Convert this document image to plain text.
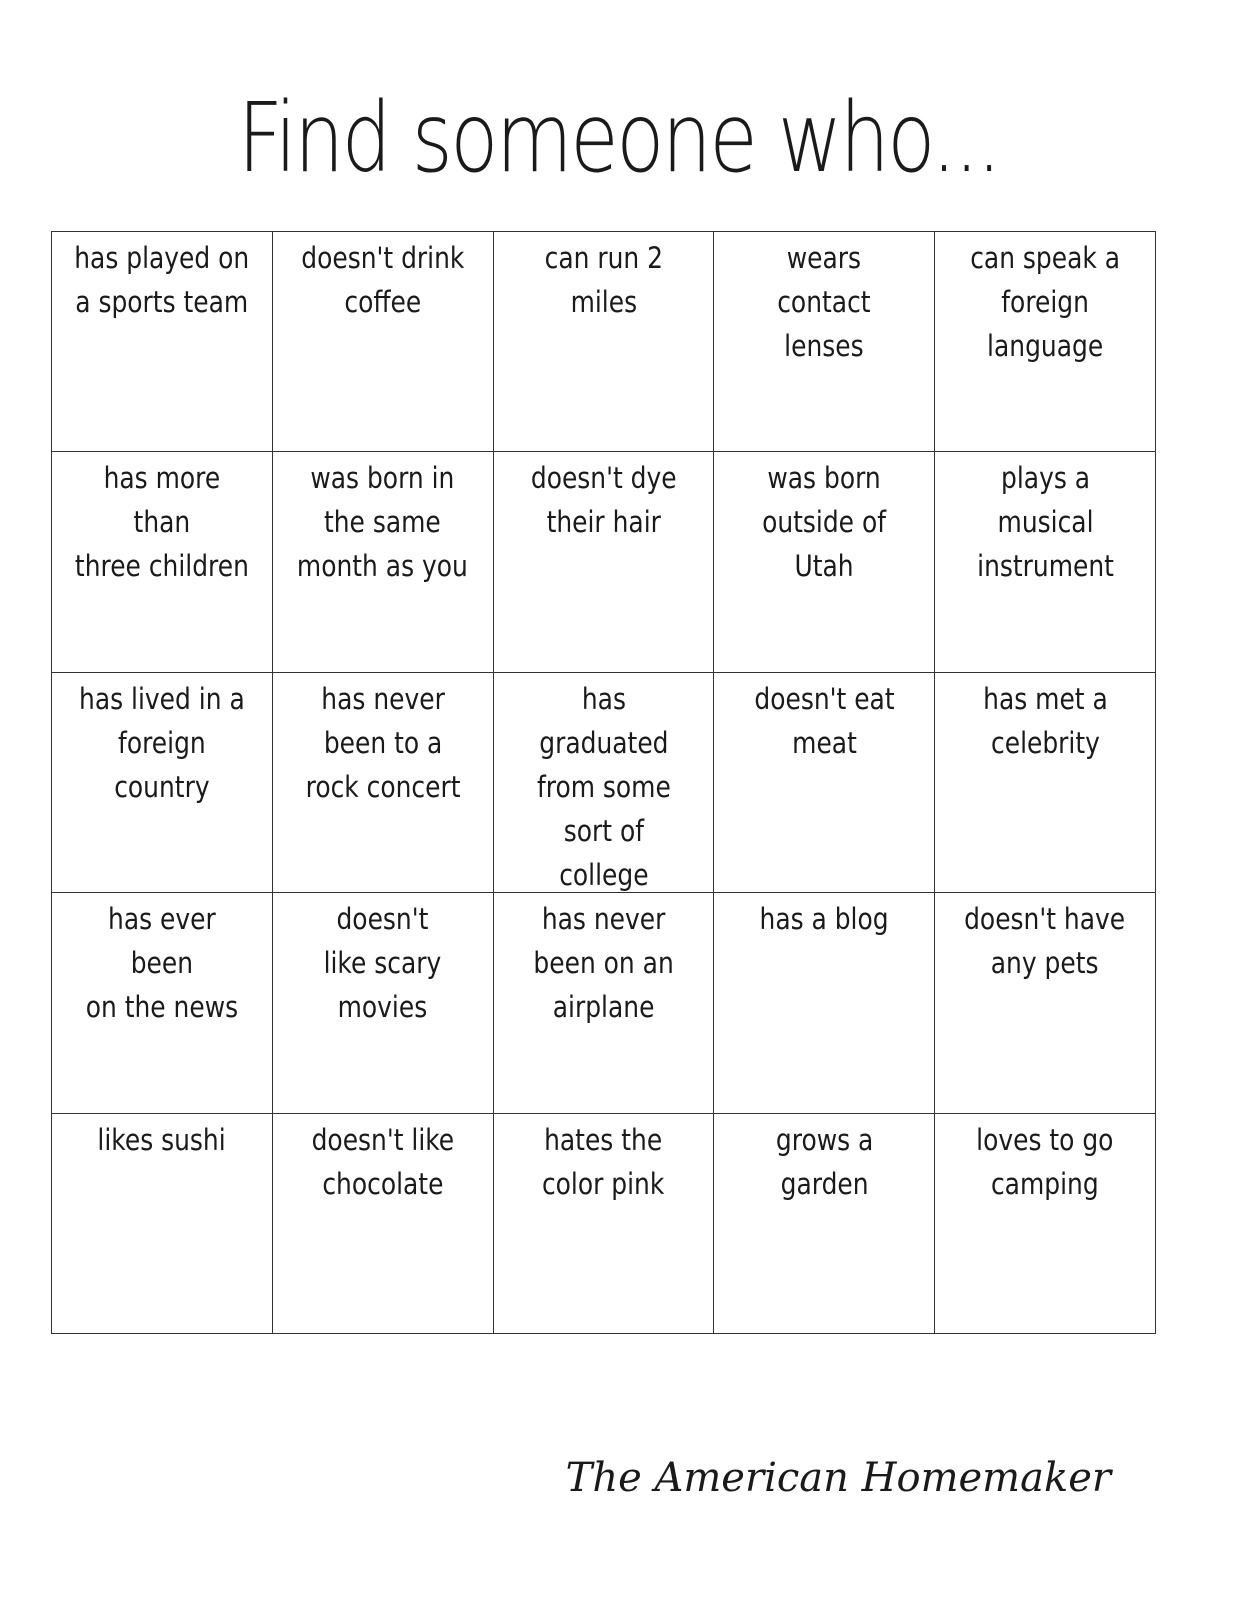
Find someone who...
has played on
a sports team
doesn't drink
coffee
can run 2
miles
wears contact
lenses
can speak a
foreign
language
has more than
three children
was born in
the same
month as you
doesn't dye
their hair
was born
outside of
Utah
plays a
musical
instrument
has lived in a
foreign country
has never
been to a
rock concert
has graduated
from some
sort of
college
doesn't eat
meat
has met a
celebrity
has ever been
on the news
doesn't
like scary
movies
has never
been on an
airplane
has a blog	doesn't have
any pets
likes sushi	doesn't like
chocolate
hates the
color pink
grows a
garden
loves to go
camping
The American Homemaker
